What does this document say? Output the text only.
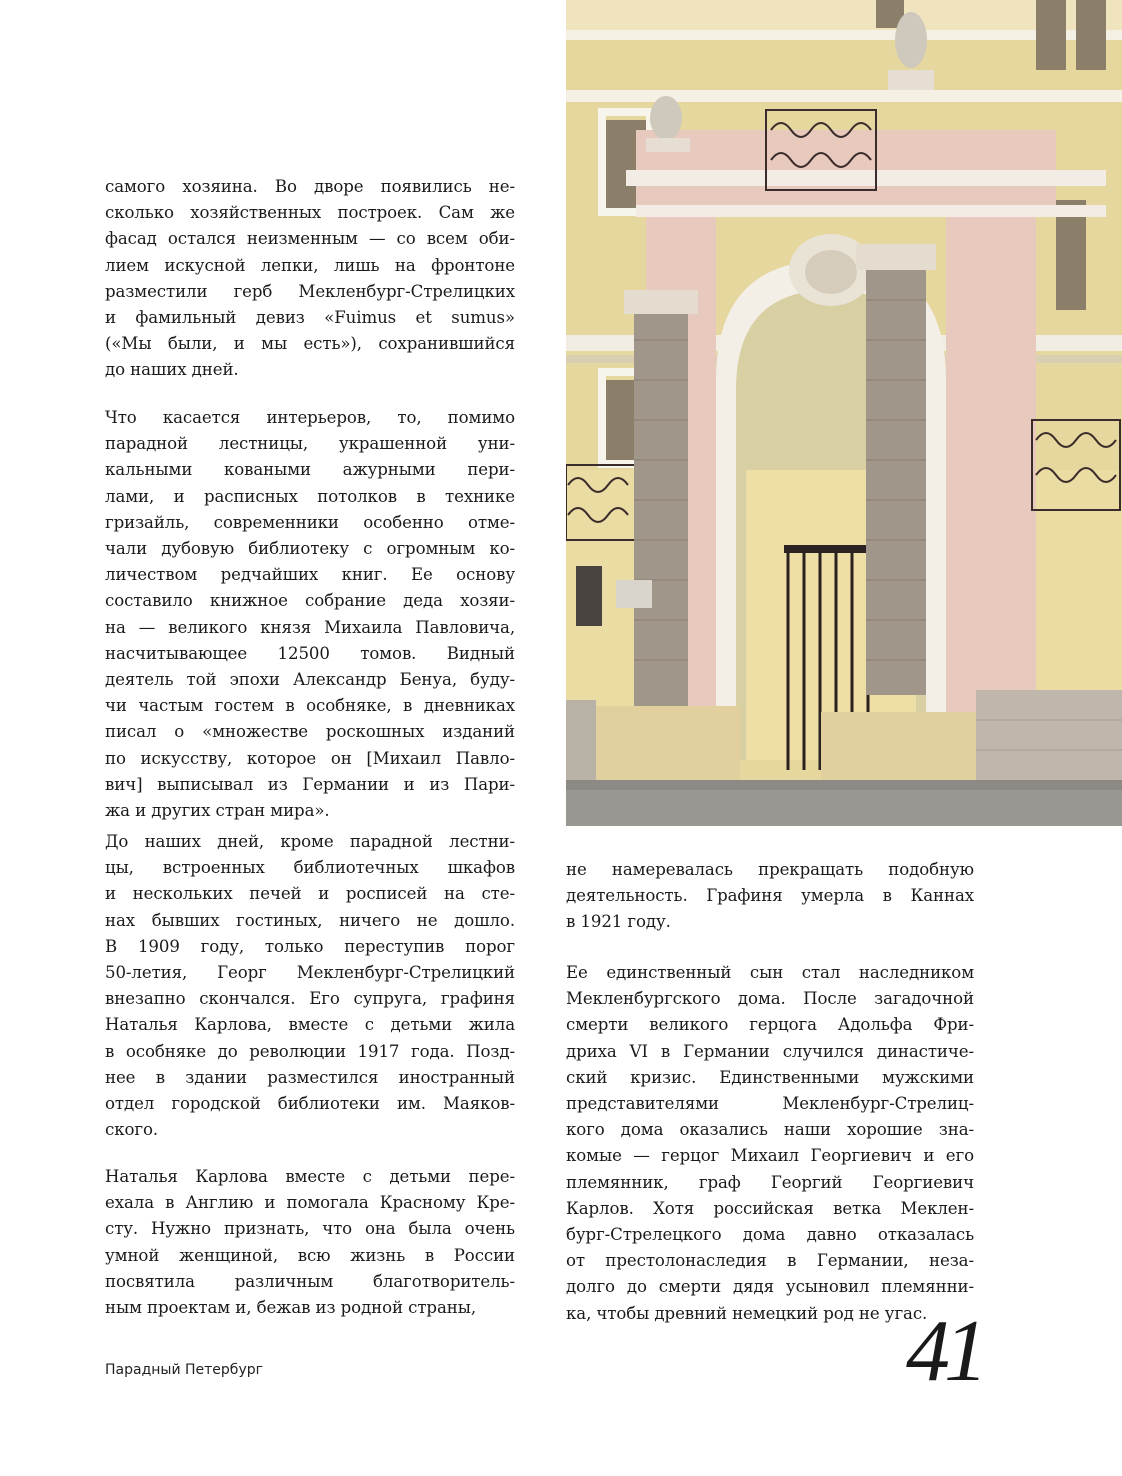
самого хозяина. Во дворе появились не-
сколько хозяйственных построек. Сам же
фасад остался неизменным — со всем оби-
лием искусной лепки, лишь на фронтоне
разместили герб Мекленбург-Стрелицких
и фамильный девиз «Fuimus et sumus»
(«Мы были, и мы есть»), сохранившийся
до наших дней.
Что касается интерьеров, то, помимо
парадной лестницы, украшенной уни-
кальными коваными ажурными пери-
лами, и расписных потолков в технике
гризайль, современники особенно отме-
чали дубовую библиотеку с огромным ко-
личеством редчайших книг. Ее основу
составило книжное собрание деда хозяи-
на — великого князя Михаила Павловича,
насчитывающее 12500 томов. Видный
деятель той эпохи Александр Бенуа, буду-
чи частым гостем в особняке, в дневниках
писал о «множестве роскошных изданий
по искусству, которое он [Михаил Павло-
вич] выписывал из Германии и из Пари-
жа и других стран мира».
До наших дней, кроме парадной лестни-
цы, встроенных библиотечных шкафов
и нескольких печей и росписей на сте-
нах бывших гостиных, ничего не дошло.
В 1909 году, только переступив порог
50-летия, Георг Мекленбург-Стрелицкий
внезапно скончался. Его супруга, графиня
Наталья Карлова, вместе с детьми жила
в особняке до революции 1917 года. Позд-
нее в здании разместился иностранный
отдел городской библиотеки им. Маяков-
ского.
Наталья Карлова вместе с детьми пере-
ехала в Англию и помогала Красному Кре-
сту. Нужно признать, что она была очень
умной женщиной, всю жизнь в России
посвятила различным благотворитель-
ным проектам и, бежав из родной страны,
не намеревалась прекращать подобную
деятельность. Графиня умерла в Каннах
в 1921 году.
Ее единственный сын стал наследником
Мекленбургского дома. После загадочной
смерти великого герцога Адольфа Фри-
дриха VI в Германии случился династиче-
ский кризис. Единственными мужскими
представителями Мекленбург-Стрелиц-
кого дома оказались наши хорошие зна-
комые — герцог Михаил Георгиевич и его
племянник, граф Георгий Георгиевич
Карлов. Хотя российская ветка Меклен-
бург-Стрелецкого дома давно отказалась
от престолонаследия в Германии, неза-
долго до смерти дядя усыновил племянни-
ка, чтобы древний немецкий род не угас.
Парадный Петербург	41
